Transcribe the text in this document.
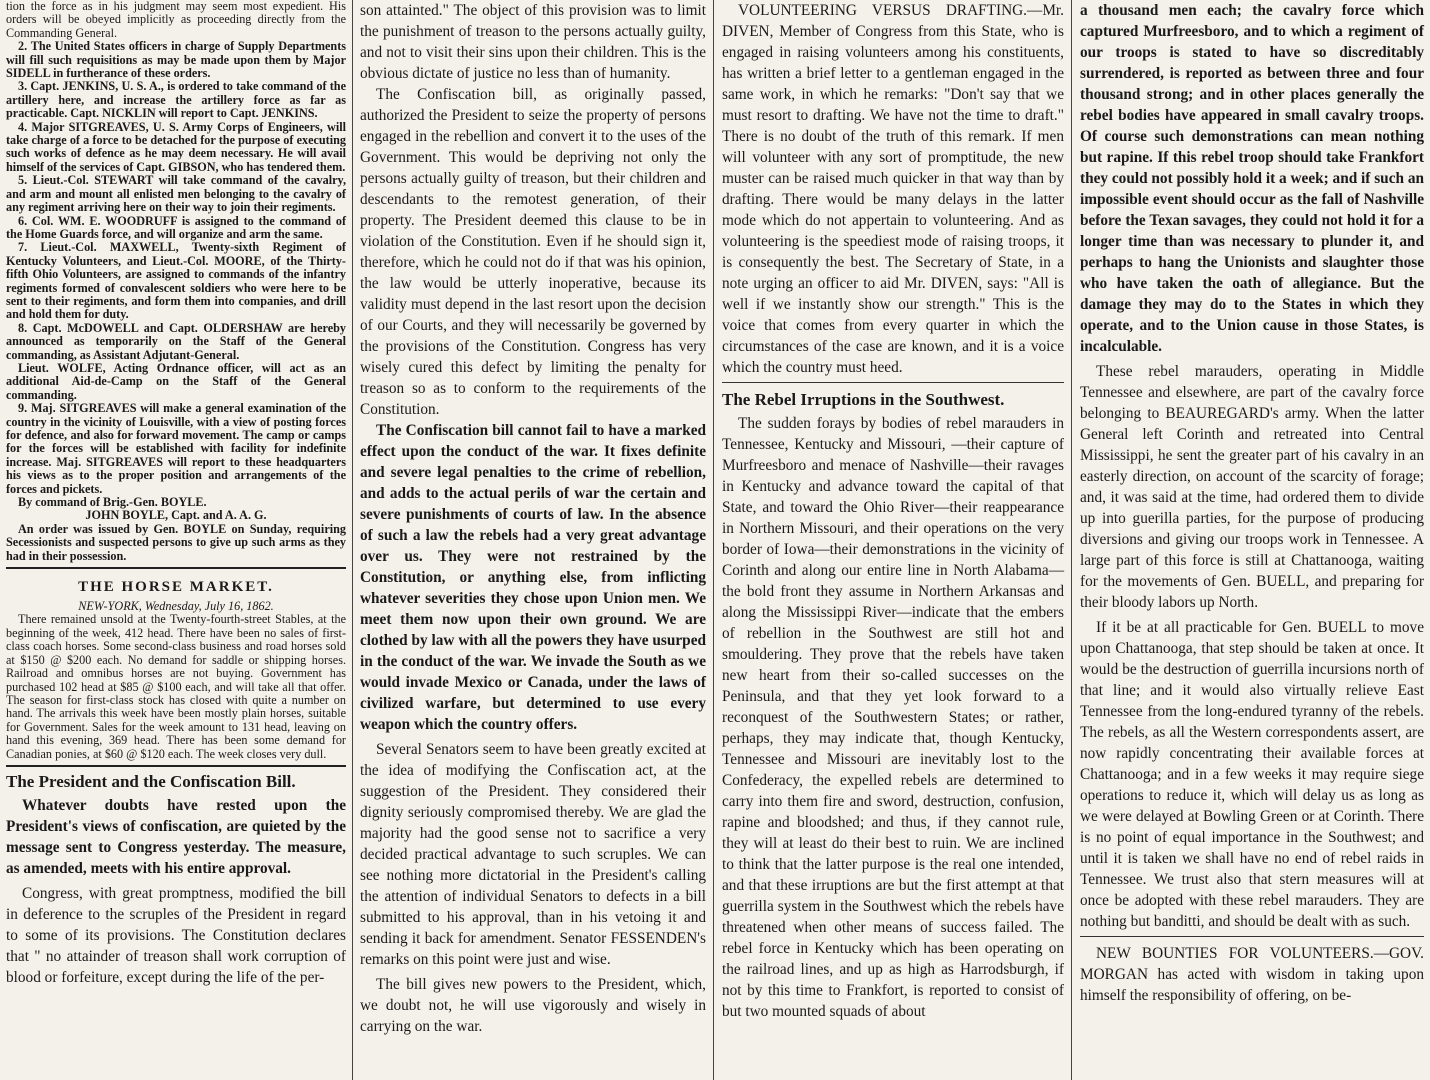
tion the force as in his judgment may seem most expedient. His orders will be obeyed implicitly as proceeding directly from the Commanding General.

2. The United States officers in charge of Supply Departments will fill such requisitions as may be made upon them by Major SIDELL in furtherance of these orders.

3. Capt. JENKINS, U. S. A., is ordered to take command of the artillery here, and increase the artillery force as far as practicable. Capt. NICKLIN will report to Capt. JENKINS.

4. Major SITGREAVES, U. S. Army Corps of Engineers, will take charge of a force to be detached for the purpose of executing such works of defence as he may deem necessary. He will avail himself of the services of Capt. GIBSON, who has tendered them.

5. Lieut.-Col. STEWART will take command of the cavalry, and arm and mount all enlisted men belonging to the cavalry of any regiment arriving here on their way to join their regiments.

6. Col. WM. E. WOODRUFF is assigned to the command of the Home Guards force, and will organize and arm the same.

7. Lieut.-Col. MAXWELL, Twenty-sixth Regiment of Kentucky Volunteers, and Lieut.-Col. MOORE, of the Thirty-fifth Ohio Volunteers, are assigned to commands of the infantry regiments formed of convalescent soldiers who were here to be sent to their regiments, and form them into companies, and drill and hold them for duty.

8. Capt. McDOWELL and Capt. OLDERSHAW are hereby announced as temporarily on the Staff of the General commanding, as Assistant Adjutant-General.

Lieut. WOLFE, Acting Ordnance officer, will act as an additional Aid-de-Camp on the Staff of the General commanding.

9. Maj. SITGREAVES will make a general examination of the country in the vicinity of Louisville, with a view of posting forces for defence, and also for forward movement. The camp or camps for the forces will be established with facility for indefinite increase. Maj. SITGREAVES will report to these headquarters his views as to the proper position and arrangements of the forces and pickets.

By command of Brig.-Gen. BOYLE.

JOHN BOYLE, Capt. and A. A. G.

An order was issued by Gen. BOYLE on Sunday, requiring Secessionists and suspected persons to give up such arms as they had in their possession.

THE HORSE MARKET.

NEW-YORK, Wednesday, July 16, 1862.

There remained unsold at the Twenty-fourth-street Stables, at the beginning of the week, 412 head. There have been no sales of first-class coach horses. Some second-class business and road horses sold at $150 @ $200 each. No demand for saddle or shipping horses. Railroad and omnibus horses are not buying. Government has purchased 102 head at $85 @ $100 each, and will take all that offer. The season for first-class stock has closed with quite a number on hand. The arrivals this week have been mostly plain horses, suitable for Government. Sales for the week amount to 131 head, leaving on hand this evening, 369 head. There has been some demand for Canadian ponies, at $60 @ $120 each. The week closes very dull.

The President and the Confiscation Bill.

Whatever doubts have rested upon the President's views of confiscation, are quieted by the message sent to Congress yesterday. The measure, as amended, meets with his entire approval.

Congress, with great promptness, modified the bill in deference to the scruples of the President in regard to some of its provisions. The Constitution declares that " no attainder of treason shall work corruption of blood or forfeiture, except during the life of the per-

son attainted." The object of this provision was to limit the punishment of treason to the persons actually guilty, and not to visit their sins upon their children. This is the obvious dictate of justice no less than of humanity.

The Confiscation bill, as originally passed, authorized the President to seize the property of persons engaged in the rebellion and convert it to the uses of the Government. This would be depriving not only the persons actually guilty of treason, but their children and descendants to the remotest generation, of their property. The President deemed this clause to be in violation of the Constitution. Even if he should sign it, therefore, which he could not do if that was his opinion, the law would be utterly inoperative, because its validity must depend in the last resort upon the decision of our Courts, and they will necessarily be governed by the provisions of the Constitution. Congress has very wisely cured this defect by limiting the penalty for treason so as to conform to the requirements of the Constitution.

The Confiscation bill cannot fail to have a marked effect upon the conduct of the war. It fixes definite and severe legal penalties to the crime of rebellion, and adds to the actual perils of war the certain and severe punishments of courts of law. In the absence of such a law the rebels had a very great advantage over us. They were not restrained by the Constitution, or anything else, from inflicting whatever severities they chose upon Union men. We meet them now upon their own ground. We are clothed by law with all the powers they have usurped in the conduct of the war. We invade the South as we would invade Mexico or Canada, under the laws of civilized warfare, but determined to use every weapon which the country offers.

Several Senators seem to have been greatly excited at the idea of modifying the Confiscation act, at the suggestion of the President. They considered their dignity seriously compromised thereby. We are glad the majority had the good sense not to sacrifice a very decided practical advantage to such scruples. We can see nothing more dictatorial in the President's calling the attention of individual Senators to defects in a bill submitted to his approval, than in his vetoing it and sending it back for amendment. Senator FESSENDEN's remarks on this point were just and wise.

The bill gives new powers to the President, which, we doubt not, he will use vigorously and wisely in carrying on the war.

VOLUNTEERING VERSUS DRAFTING.—Mr. DIVEN, Member of Congress from this State, who is engaged in raising volunteers among his constituents, has written a brief letter to a gentleman engaged in the same work, in which he remarks: "Don't say that we must resort to drafting. We have not the time to draft." There is no doubt of the truth of this remark. If men will volunteer with any sort of promptitude, the new muster can be raised much quicker in that way than by drafting. There would be many delays in the latter mode which do not appertain to volunteering. And as volunteering is the speediest mode of raising troops, it is consequently the best. The Secretary of State, in a note urging an officer to aid Mr. DIVEN, says: "All is well if we instantly show our strength." This is the voice that comes from every quarter in which the circumstances of the case are known, and it is a voice which the country must heed.

The Rebel Irruptions in the Southwest.

The sudden forays by bodies of rebel marauders in Tennessee, Kentucky and Missouri, —their capture of Murfreesboro and menace of Nashville—their ravages in Kentucky and advance toward the capital of that State, and toward the Ohio River—their reappearance in Northern Missouri, and their operations on the very border of Iowa—their demonstrations in the vicinity of Corinth and along our entire line in North Alabama—the bold front they assume in Northern Arkansas and along the Mississippi River—indicate that the embers of rebellion in the Southwest are still hot and smouldering. They prove that the rebels have taken new heart from their so-called successes on the Peninsula, and that they yet look forward to a reconquest of the Southwestern States; or rather, perhaps, they may indicate that, though Kentucky, Tennessee and Missouri are inevitably lost to the Confederacy, the expelled rebels are determined to carry into them fire and sword, destruction, confusion, rapine and bloodshed; and thus, if they cannot rule, they will at least do their best to ruin. We are inclined to think that the latter purpose is the real one intended, and that these irruptions are but the first attempt at that guerrilla system in the Southwest which the rebels have threatened when other means of success failed. The rebel force in Kentucky which has been operating on the railroad lines, and up as high as Harrodsburgh, if not by this time to Frankfort, is reported to consist of but two mounted squads of about

a thousand men each; the cavalry force which captured Murfreesboro, and to which a regiment of our troops is stated to have so discreditably surrendered, is reported as between three and four thousand strong; and in other places generally the rebel bodies have appeared in small cavalry troops. Of course such demonstrations can mean nothing but rapine. If this rebel troop should take Frankfort they could not possibly hold it a week; and if such an impossible event should occur as the fall of Nashville before the Texan savages, they could not hold it for a longer time than was necessary to plunder it, and perhaps to hang the Unionists and slaughter those who have taken the oath of allegiance. But the damage they may do to the States in which they operate, and to the Union cause in those States, is incalculable.

These rebel marauders, operating in Middle Tennessee and elsewhere, are part of the cavalry force belonging to BEAUREGARD's army. When the latter General left Corinth and retreated into Central Mississippi, he sent the greater part of his cavalry in an easterly direction, on account of the scarcity of forage; and, it was said at the time, had ordered them to divide up into guerilla parties, for the purpose of producing diversions and giving our troops work in Tennessee. A large part of this force is still at Chattanooga, waiting for the movements of Gen. BUELL, and preparing for their bloody labors up North.

If it be at all practicable for Gen. BUELL to move upon Chattanooga, that step should be taken at once. It would be the destruction of guerrilla incursions north of that line; and it would also virtually relieve East Tennessee from the long-endured tyranny of the rebels. The rebels, as all the Western correspondents assert, are now rapidly concentrating their available forces at Chattanooga; and in a few weeks it may require siege operations to reduce it, which will delay us as long as we were delayed at Bowling Green or at Corinth. There is no point of equal importance in the Southwest; and until it is taken we shall have no end of rebel raids in Tennessee. We trust also that stern measures will at once be adopted with these rebel marauders. They are nothing but banditti, and should be dealt with as such.

NEW BOUNTIES FOR VOLUNTEERS.—GOV. MORGAN has acted with wisdom in taking upon himself the responsibility of offering, on be-
